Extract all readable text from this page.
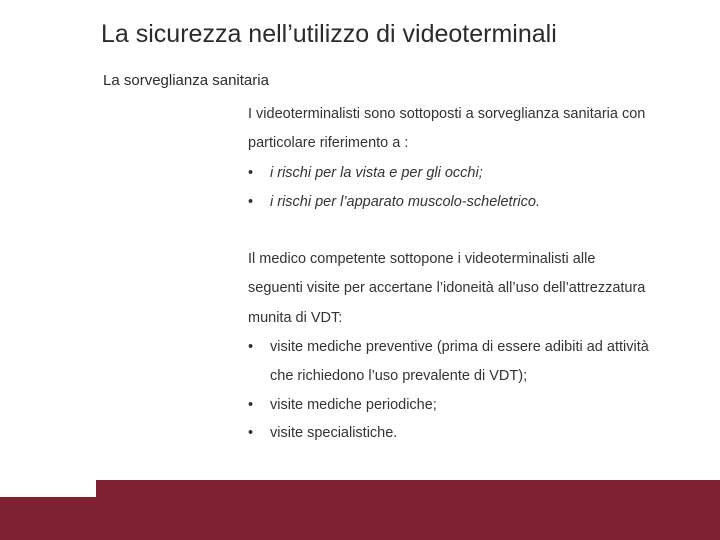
La sicurezza nell’utilizzo di videoterminali
La sorveglianza sanitaria
I videoterminalisti sono sottoposti a sorveglianza sanitaria con
particolare riferimento a :
• i rischi per la vista e per gli occhi;
• i rischi per l’apparato muscolo-scheletrico.
Il medico competente sottopone i videoterminalisti alle
seguenti visite per accertane l’idoneità all’uso dell’attrezzatura
munita di VDT:
• visite mediche preventive (prima di essere adibiti ad attività
che richiedono l’uso prevalente di VDT);
• visite mediche periodiche;
• visite specialistiche.
